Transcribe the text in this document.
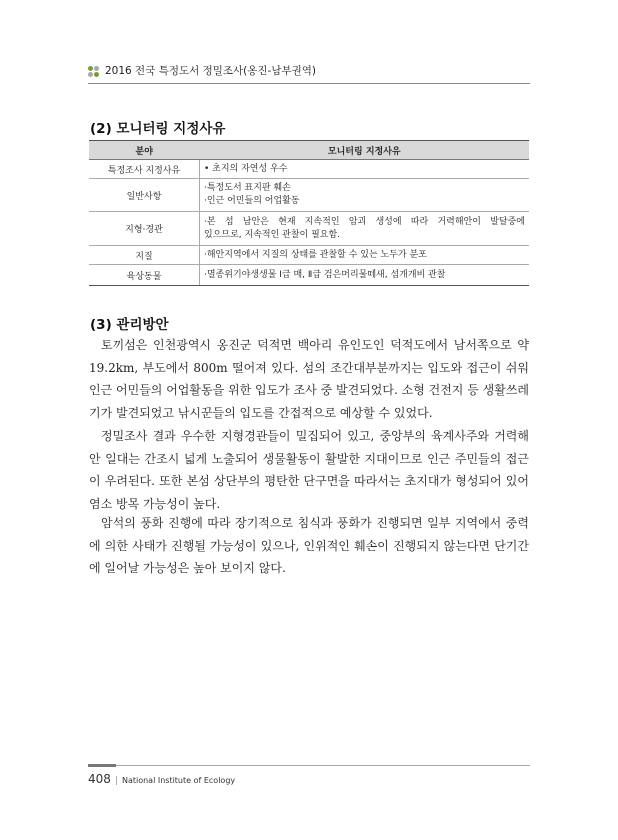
2016 전국 특정도서 정밀조사(옹진-남부권역)
(2) 모니터링 지정사유
분야	모니터링 지정사유
특정조사 지정사유	• 초지의 자연성 우수

일반사항	·특정도서 표지판 훼손
·인근 어민들의 어업활동

지형·경관	·본 섬 남안은 현재 지속적인 암괴 생성에 따라 거력해안이 발달중에
있으므로, 지속적인 관찰이 필요함.

지질	·해안지역에서 지질의 상태를 관찰할 수 있는 노두가 분포

육상동물	·멸종위기야생생물 Ⅰ급 매, Ⅱ급 검은머리물떼새, 섬개개비 관찰
(3) 관리방안

토끼섬은 인천광역시 옹진군 덕적면 백아리 유인도인 덕적도에서 남서쪽으로 약 19.2km, 부도에서 800m 떨어져 있다. 섬의 조간대부분까지는 입도와 접근이 쉬워 인근 어민들의 어업활동을 위한 입도가 조사 중 발견되었다. 소형 건전지 등 생활쓰레기가 발견되었고 낚시꾼들의 입도를 간접적으로 예상할 수 있었다.

정밀조사 결과 우수한 지형경관들이 밀집되어 있고, 중앙부의 육계사주와 거력해안 일대는 간조시 넓게 노출되어 생물활동이 활발한 지대이므로 인근 주민들의 접근이 우려된다. 또한 본섬 상단부의 평탄한 단구면을 따라서는 초지대가 형성되어 있어 염소 방목 가능성이 높다.

암석의 풍화 진행에 따라 장기적으로 침식과 풍화가 진행되면 일부 지역에서 중력에 의한 사태가 진행될 가능성이 있으나, 인위적인 훼손이 진행되지 않는다면 단기간에 일어날 가능성은 높아 보이지 않다.

408 | National Institute of Ecology
